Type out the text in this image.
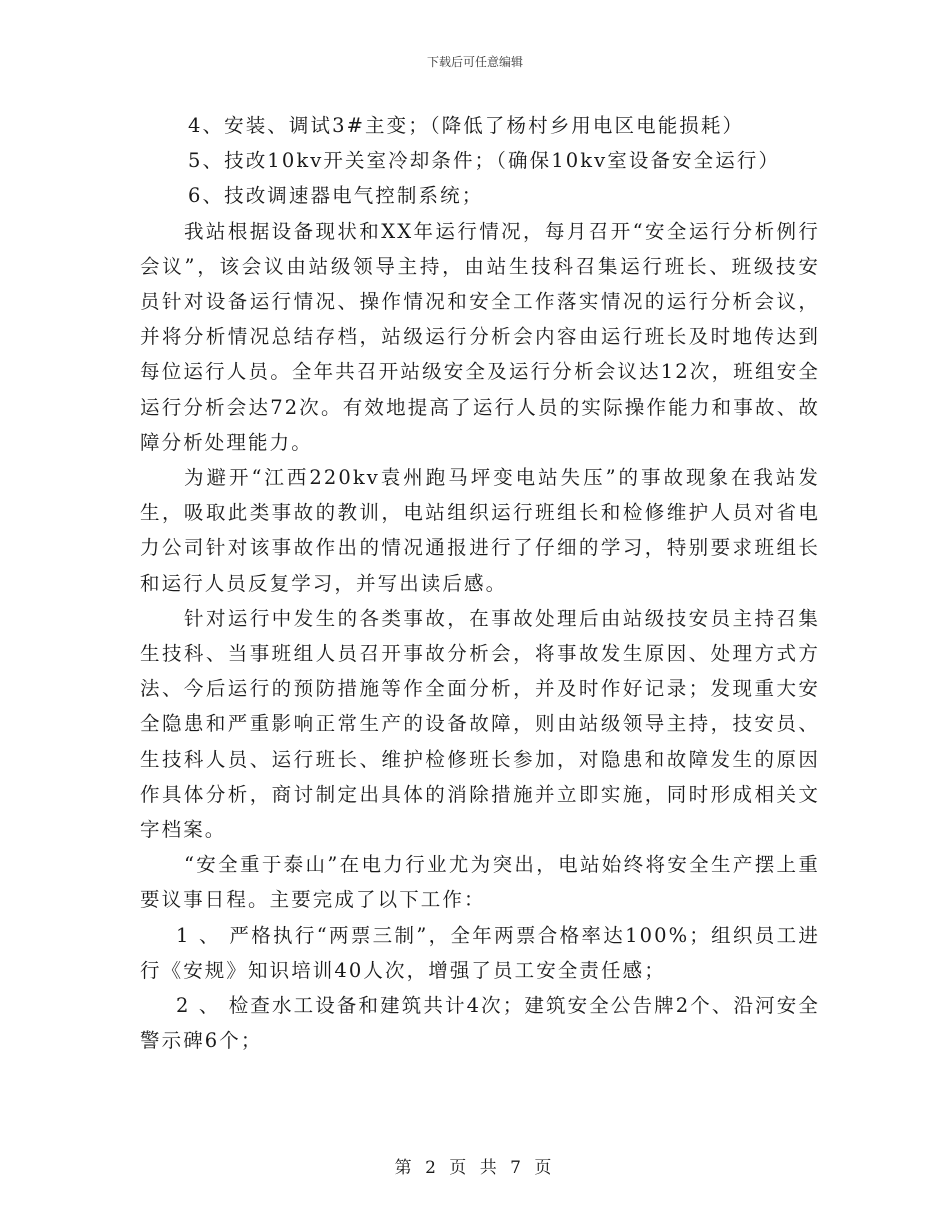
下载后可任意编辑

4、安装、调试3#主变；（降低了杨村乡用电区电能损耗）

5、技改10kv开关室冷却条件；（确保10kv室设备安全运行）

6、技改调速器电气控制系统；

我站根据设备现状和XX年运行情况，每月召开“安全运行分析例行会议”，该会议由站级领导主持，由站生技科召集运行班长、班级技安员针对设备运行情况、操作情况和安全工作落实情况的运行分析会议，并将分析情况总结存档，站级运行分析会内容由运行班长及时地传达到每位运行人员。全年共召开站级安全及运行分析会议达12次，班组安全运行分析会达72次。有效地提高了运行人员的实际操作能力和事故、故障分析处理能力。

为避开“江西220kv袁州跑马坪变电站失压”的事故现象在我站发生，吸取此类事故的教训，电站组织运行班组长和检修维护人员对省电力公司针对该事故作出的情况通报进行了仔细的学习，特别要求班组长和运行人员反复学习，并写出读后感。

针对运行中发生的各类事故，在事故处理后由站级技安员主持召集生技科、当事班组人员召开事故分析会，将事故发生原因、处理方式方法、今后运行的预防措施等作全面分析，并及时作好记录；发现重大安全隐患和严重影响正常生产的设备故障，则由站级领导主持，技安员、生技科人员、运行班长、维护检修班长参加，对隐患和故障发生的原因作具体分析，商讨制定出具体的消除措施并立即实施，同时形成相关文字档案。

“安全重于泰山”在电力行业尤为突出，电站始终将安全生产摆上重要议事日程。主要完成了以下工作：

1 、 严格执行“两票三制”，全年两票合格率达100%；组织员工进行《安规》知识培训40人次，增强了员工安全责任感；

2 、 检查水工设备和建筑共计4次；建筑安全公告牌2个、沿河安全警示碑6个；

第 2 页 共 7 页
